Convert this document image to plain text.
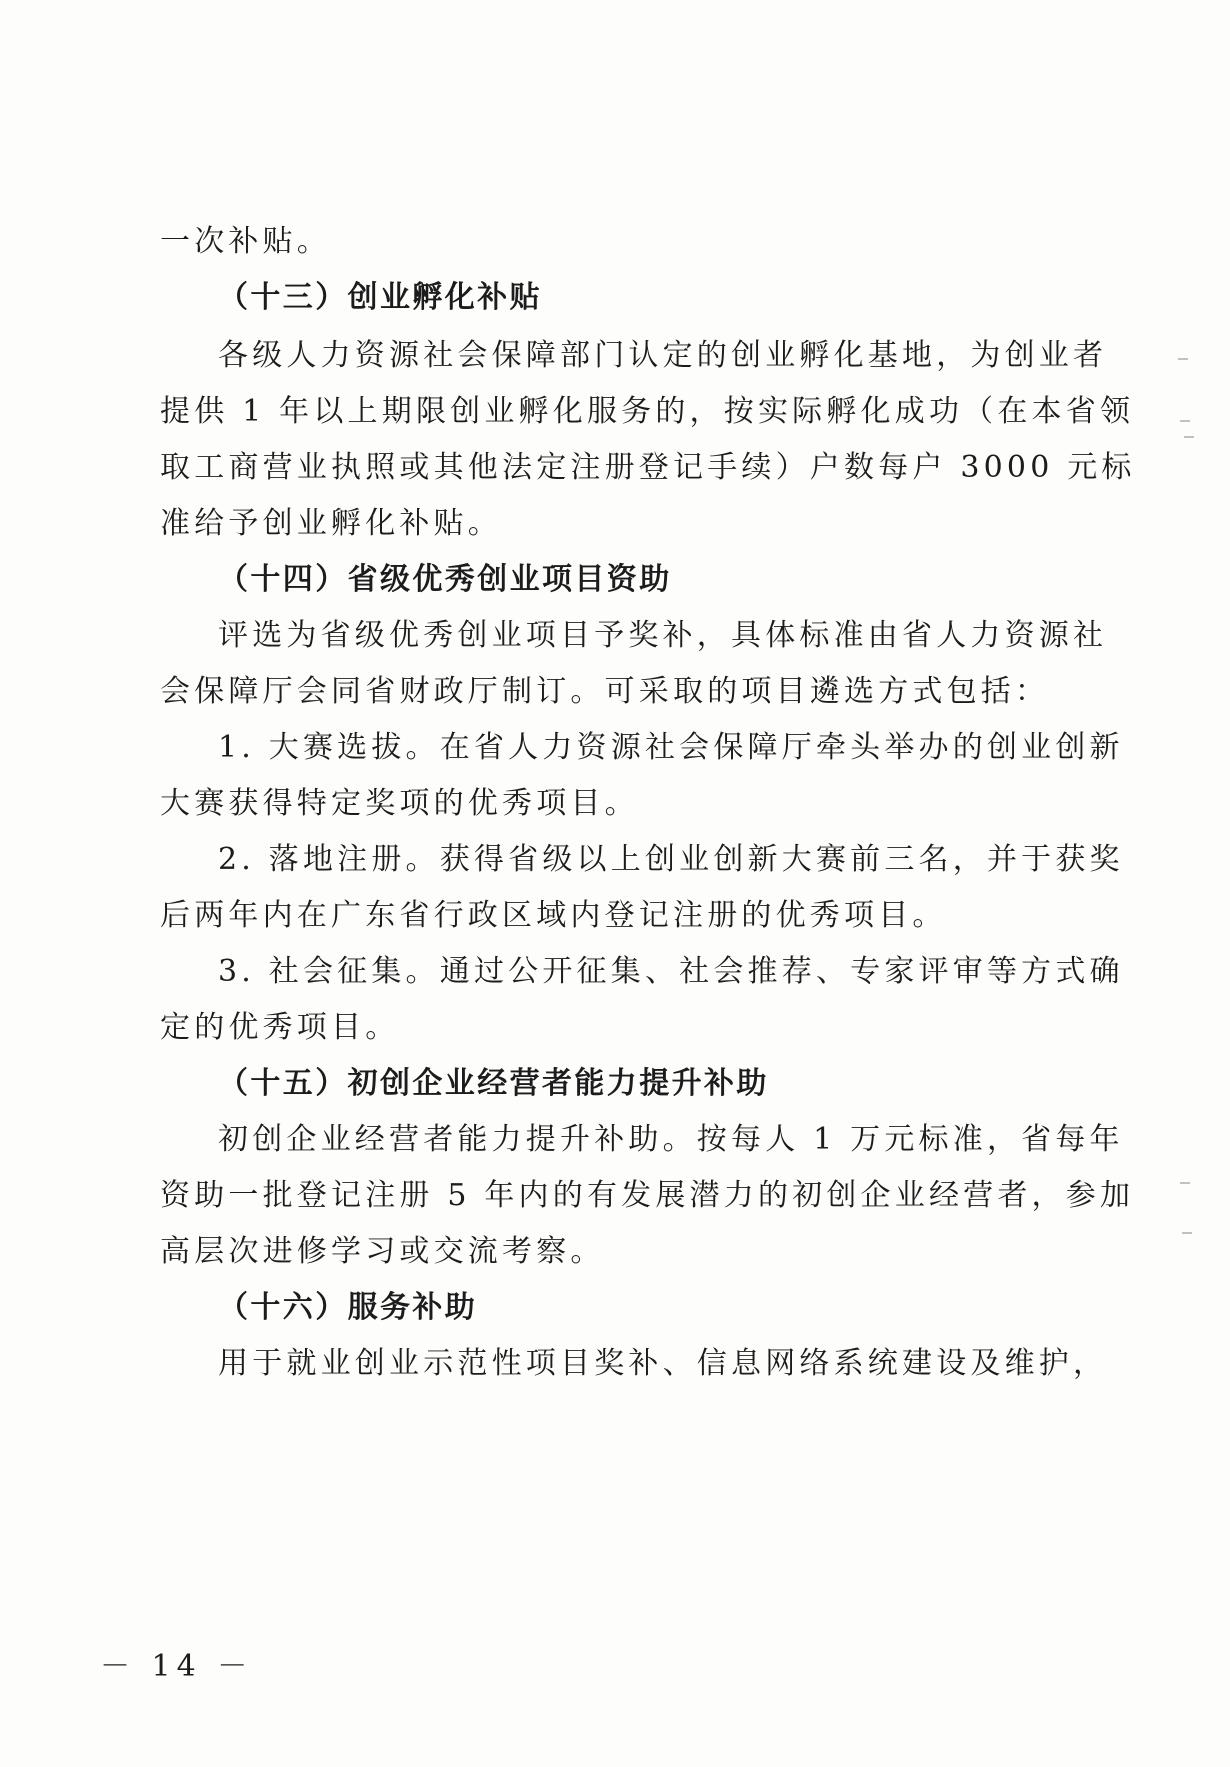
一次补贴。
（十三）创业孵化补贴
各级人力资源社会保障部门认定的创业孵化基地，为创业者
提供 1 年以上期限创业孵化服务的，按实际孵化成功（在本省领
取工商营业执照或其他法定注册登记手续）户数每户 3000 元标
准给予创业孵化补贴。
（十四）省级优秀创业项目资助
评选为省级优秀创业项目予奖补，具体标准由省人力资源社
会保障厅会同省财政厅制订。可采取的项目遴选方式包括：
1. 大赛选拔。在省人力资源社会保障厅牵头举办的创业创新
大赛获得特定奖项的优秀项目。
2. 落地注册。获得省级以上创业创新大赛前三名，并于获奖
后两年内在广东省行政区域内登记注册的优秀项目。
3. 社会征集。通过公开征集、社会推荐、专家评审等方式确
定的优秀项目。
（十五）初创企业经营者能力提升补助
初创企业经营者能力提升补助。按每人 1 万元标准，省每年
资助一批登记注册 5 年内的有发展潜力的初创企业经营者，参加
高层次进修学习或交流考察。
（十六）服务补助
用于就业创业示范性项目奖补、信息网络系统建设及维护，
－ 14 －
